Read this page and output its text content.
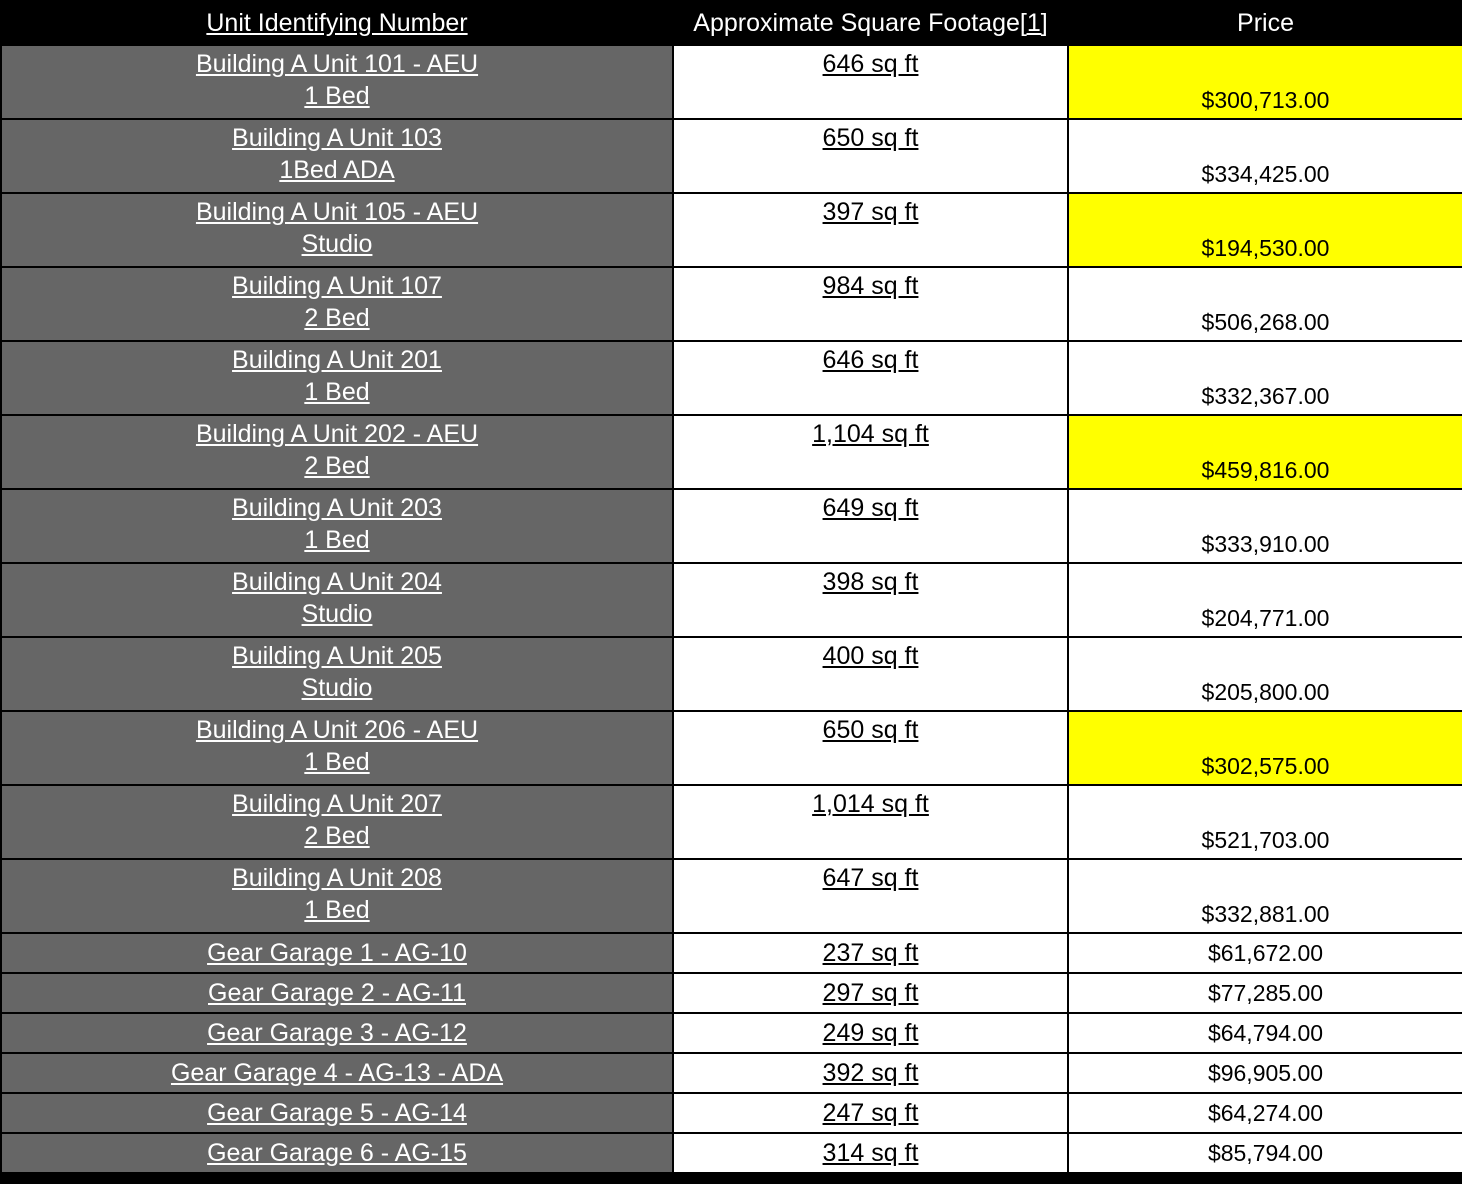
Unit Identifying Number	Approximate Square Footage[1]	Price

Building A Unit 101 - AEU
1 Bed	646 sq ft	$300,713.00

Building A Unit 103
1Bed ADA	650 sq ft	$334,425.00

Building A Unit 105 - AEU
Studio	397 sq ft	$194,530.00

Building A Unit 107
2 Bed	984 sq ft	$506,268.00

Building A Unit 201
1 Bed	646 sq ft	$332,367.00

Building A Unit 202 - AEU
2 Bed	1,104 sq ft	$459,816.00

Building A Unit 203
1 Bed	649 sq ft	$333,910.00

Building A Unit 204
Studio	398 sq ft	$204,771.00

Building A Unit 205
Studio	400 sq ft	$205,800.00

Building A Unit 206 - AEU
1 Bed	650 sq ft	$302,575.00

Building A Unit 207
2 Bed	1,014 sq ft	$521,703.00

Building A Unit 208
1 Bed	647 sq ft	$332,881.00

Gear Garage 1 - AG-10	237 sq ft	$61,672.00

Gear Garage 2 - AG-11	297 sq ft	$77,285.00

Gear Garage 3 - AG-12	249 sq ft	$64,794.00

Gear Garage 4 - AG-13 - ADA	392 sq ft	$96,905.00

Gear Garage 5 - AG-14	247 sq ft	$64,274.00

Gear Garage 6 - AG-15	314 sq ft	$85,794.00
